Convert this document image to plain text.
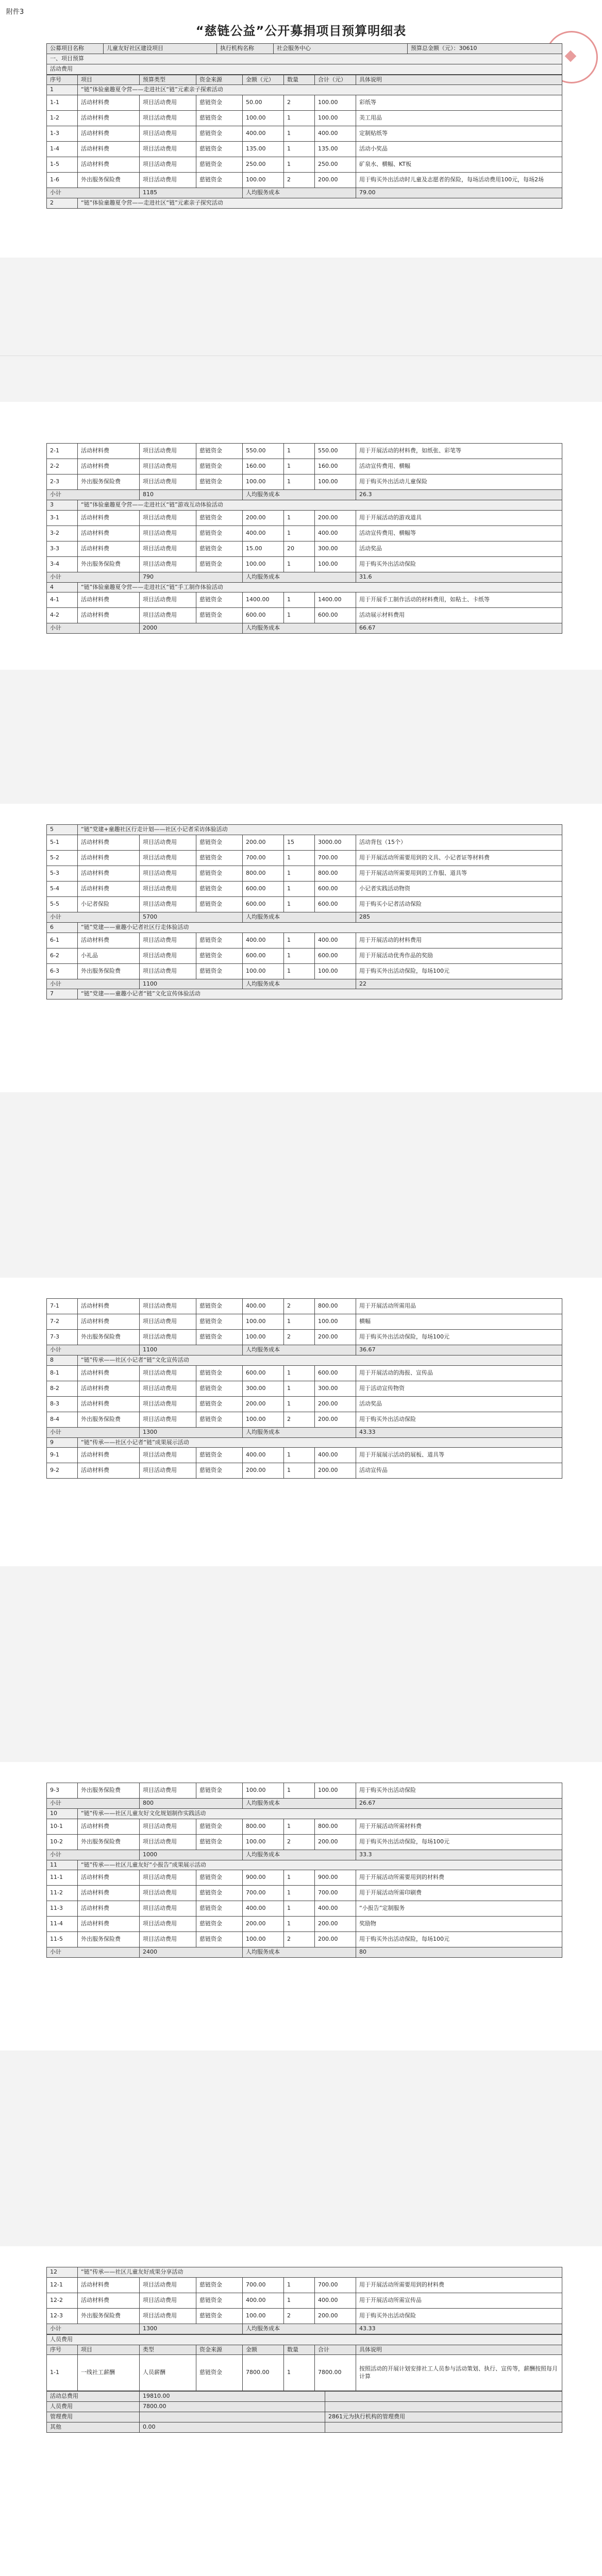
附件3
“慈链公益”公开募捐项目预算明细表
公募项目名称	儿童友好社区建设项目	执行机构名称	社会服务中心	预算总金额（元）：30610
一、项目预算
活动费用
序号	项目	预算类型	资金来源	金额（元）	数量	合计（元）	具体说明
1	“链”体验童趣夏令营——走进社区“链”元素亲子探索活动						
1-1	活动材料费	项目活动费用	慈链资金	50.00	2	100.00	彩纸等
1-2	活动材料费	项目活动费用	慈链资金	100.00	1	100.00	美工用品
1-3	活动材料费	项目活动费用	慈链资金	400.00	1	400.00	定制贴纸等
1-4	活动材料费	项目活动费用	慈链资金	135.00	1	135.00	活动小奖品
1-5	活动材料费	项目活动费用	慈链资金	250.00	1	250.00	矿泉水、横幅、KT板
1-6	外出服务保险费	项目活动费用	慈链资金	100.00	2	200.00	用于购买外出活动时儿童及志愿者的保险，每场活动费用100元，每场2场
小计		1185		人均服务成本			79.00
2	“链”体验童趣夏令营——走进社区“链”元素亲子探究活动						
2-1	活动材料费	项目活动费用	慈链资金	550.00	1	550.00	用于开展活动的材料费，如纸张、彩笔等
2-2	活动材料费	项目活动费用	慈链资金	160.00	1	160.00	活动宣传费用、横幅
2-3	外出服务保险费	项目活动费用	慈链资金	100.00	1	100.00	用于购买外出活动儿童保险
小计		810		人均服务成本			26.3
3	“链”体验童趣夏令营——走进社区“链”游戏互动体验活动						
3-1	活动材料费	项目活动费用	慈链资金	200.00	1	200.00	用于开展活动的游戏道具
3-2	活动材料费	项目活动费用	慈链资金	400.00	1	400.00	活动宣传费用、横幅等
3-3	活动材料费	项目活动费用	慈链资金	15.00	20	300.00	活动奖品
3-4	外出服务保险费	项目活动费用	慈链资金	100.00	1	100.00	用于购买外出活动保险
小计		790		人均服务成本			31.6
4	“链”体验童趣夏令营——走进社区“链”手工制作体验活动						
4-1	活动材料费	项目活动费用	慈链资金	1400.00	1	1400.00	用于开展手工制作活动的材料费用，如粘土、卡纸等
4-2	活动材料费	项目活动费用	慈链资金	600.00	1	600.00	活动展示材料费用
小计		2000		人均服务成本			66.67
5	“链”党建+童趣社区行走计划——社区小记者采访体验活动						
5-1	活动材料费	项目活动费用	慈链资金	200.00	15	3000.00	活动背包（15个）
5-2	活动材料费	项目活动费用	慈链资金	700.00	1	700.00	用于开展活动所需要用到的文具、小记者证等材料费
5-3	活动材料费	项目活动费用	慈链资金	800.00	1	800.00	用于开展活动所需要用到的工作服、道具等
5-4	活动材料费	项目活动费用	慈链资金	600.00	1	600.00	小记者实践活动物资
5-5	小记者保险	项目活动费用	慈链资金	600.00	1	600.00	用于购买小记者活动保险
小计		5700		人均服务成本			285
6	“链”党建——童趣小记者社区行走体验活动						
6-1	活动材料费	项目活动费用	慈链资金	400.00	1	400.00	用于开展活动的材料费用
6-2	小礼品	项目活动费用	慈链资金	600.00	1	600.00	用于开展活动优秀作品的奖励
6-3	外出服务保险费	项目活动费用	慈链资金	100.00	1	100.00	用于购买外出活动保险，每场100元
小计		1100		人均服务成本			22
7	“链”党建——童趣小记者“链”文化宣传体验活动						
7-1	活动材料费	项目活动费用	慈链资金	400.00	2	800.00	用于开展活动所需用品
7-2	活动材料费	项目活动费用	慈链资金	100.00	1	100.00	横幅
7-3	外出服务保险费	项目活动费用	慈链资金	100.00	2	200.00	用于购买外出活动保险，每场100元
小计		1100		人均服务成本			36.67
8	“链”传承——社区小记者“链”文化宣传活动						
8-1	活动材料费	项目活动费用	慈链资金	600.00	1	600.00	用于开展活动的海报、宣传品
8-2	活动材料费	项目活动费用	慈链资金	300.00	1	300.00	用于活动宣传物资
8-3	活动材料费	项目活动费用	慈链资金	200.00	1	200.00	活动奖品
8-4	外出服务保险费	项目活动费用	慈链资金	100.00	2	200.00	用于购买外出活动保险
小计		1300		人均服务成本			43.33
9	“链”传承——社区小记者“链”成果展示活动						
9-1	活动材料费	项目活动费用	慈链资金	400.00	1	400.00	用于开展展示活动的展板、道具等
9-2	活动材料费	项目活动费用	慈链资金	200.00	1	200.00	活动宣传品
9-3	外出服务保险费	项目活动费用	慈链资金	100.00	1	100.00	用于购买外出活动保险
小计		800		人均服务成本			26.67
10	“链”传承——社区儿童友好文化规划制作实践活动						
10-1	活动材料费	项目活动费用	慈链资金	800.00	1	800.00	用于开展活动所需材料费
10-2	外出服务保险费	项目活动费用	慈链资金	100.00	2	200.00	用于购买外出活动保险，每场100元
小计		1000		人均服务成本			33.3
11	“链”传承——社区儿童友好“小报告”成果展示活动						
11-1	活动材料费	项目活动费用	慈链资金	900.00	1	900.00	用于开展活动所需要用到的材料费
11-2	活动材料费	项目活动费用	慈链资金	700.00	1	700.00	用于开展活动所需印刷费
11-3	活动材料费	项目活动费用	慈链资金	400.00	1	400.00	“小报告”定制服务
11-4	活动材料费	项目活动费用	慈链资金	200.00	1	200.00	奖励物
11-5	外出服务保险费	项目活动费用	慈链资金	100.00	2	200.00	用于购买外出活动保险，每场100元
小计		2400		人均服务成本			80
12	“链”传承——社区儿童友好成果分享活动						
12-1	活动材料费	项目活动费用	慈链资金	700.00	1	700.00	用于开展活动所需要用到的材料费
12-2	活动材料费	项目活动费用	慈链资金	400.00	1	400.00	用于开展活动所需宣传品
12-3	外出服务保险费	项目活动费用	慈链资金	100.00	2	200.00	用于购买外出活动保险
小计		1300		人均服务成本			43.33
人员费用							
序号	项目	类型	资金来源	金额	数量	合计	具体说明
1-1	一线社工薪酬	人员薪酬	慈链资金	7800.00	1	7800.00	按照活动的开展计划安排社工人员参与活动策划、执行、宣传等，薪酬按照每月计算
活动总费用	19810.00	
人员费用	7800.00	
管理费用		2861元为执行机构的管理费用
其他	0.00	
